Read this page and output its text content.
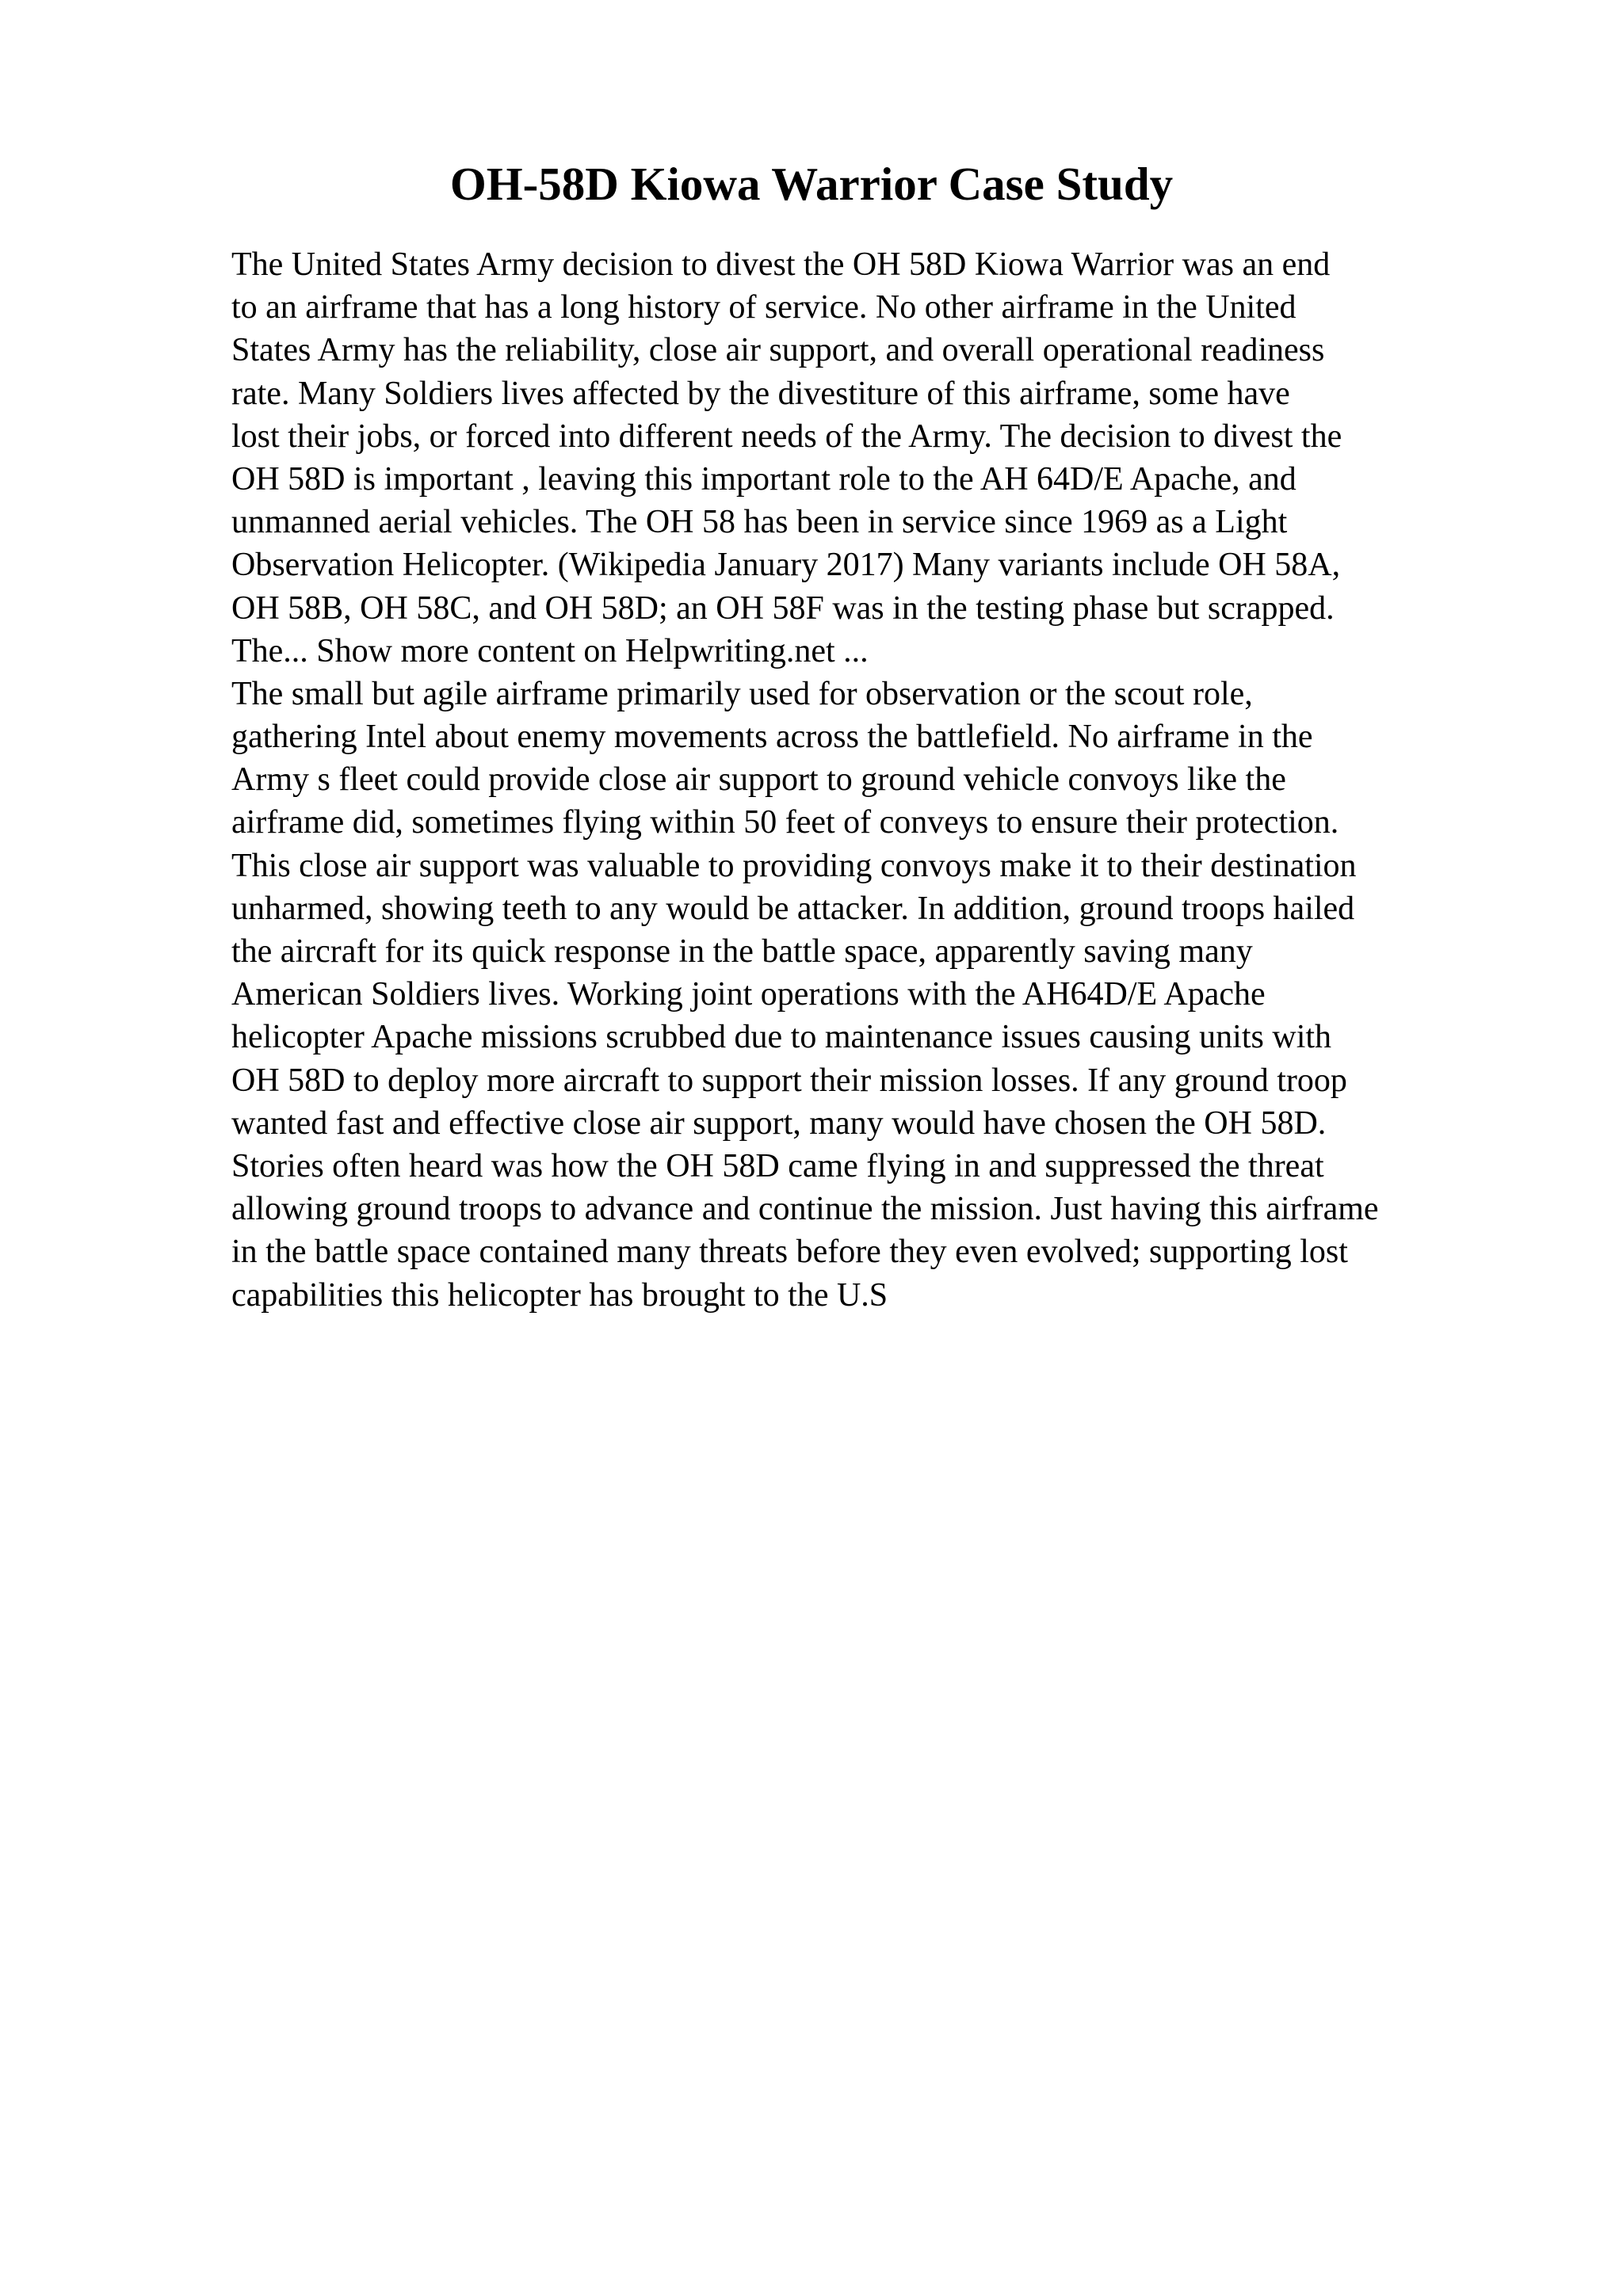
OH-58D Kiowa Warrior Case Study
The United States Army decision to divest the OH 58D Kiowa Warrior was an end
to an airframe that has a long history of service. No other airframe in the United
States Army has the reliability, close air support, and overall operational readiness
rate. Many Soldiers lives affected by the divestiture of this airframe, some have
lost their jobs, or forced into different needs of the Army. The decision to divest the
OH 58D is important , leaving this important role to the AH 64D/E Apache, and
unmanned aerial vehicles. The OH 58 has been in service since 1969 as a Light
Observation Helicopter. (Wikipedia January 2017) Many variants include OH 58A,
OH 58B, OH 58C, and OH 58D; an OH 58F was in the testing phase but scrapped.
The... Show more content on Helpwriting.net ...
The small but agile airframe primarily used for observation or the scout role,
gathering Intel about enemy movements across the battlefield. No airframe in the
Army s fleet could provide close air support to ground vehicle convoys like the
airframe did, sometimes flying within 50 feet of conveys to ensure their protection.
This close air support was valuable to providing convoys make it to their destination
unharmed, showing teeth to any would be attacker. In addition, ground troops hailed
the aircraft for its quick response in the battle space, apparently saving many
American Soldiers lives. Working joint operations with the AH64D/E Apache
helicopter Apache missions scrubbed due to maintenance issues causing units with
OH 58D to deploy more aircraft to support their mission losses. If any ground troop
wanted fast and effective close air support, many would have chosen the OH 58D.
Stories often heard was how the OH 58D came flying in and suppressed the threat
allowing ground troops to advance and continue the mission. Just having this airframe
in the battle space contained many threats before they even evolved; supporting lost
capabilities this helicopter has brought to the U.S
